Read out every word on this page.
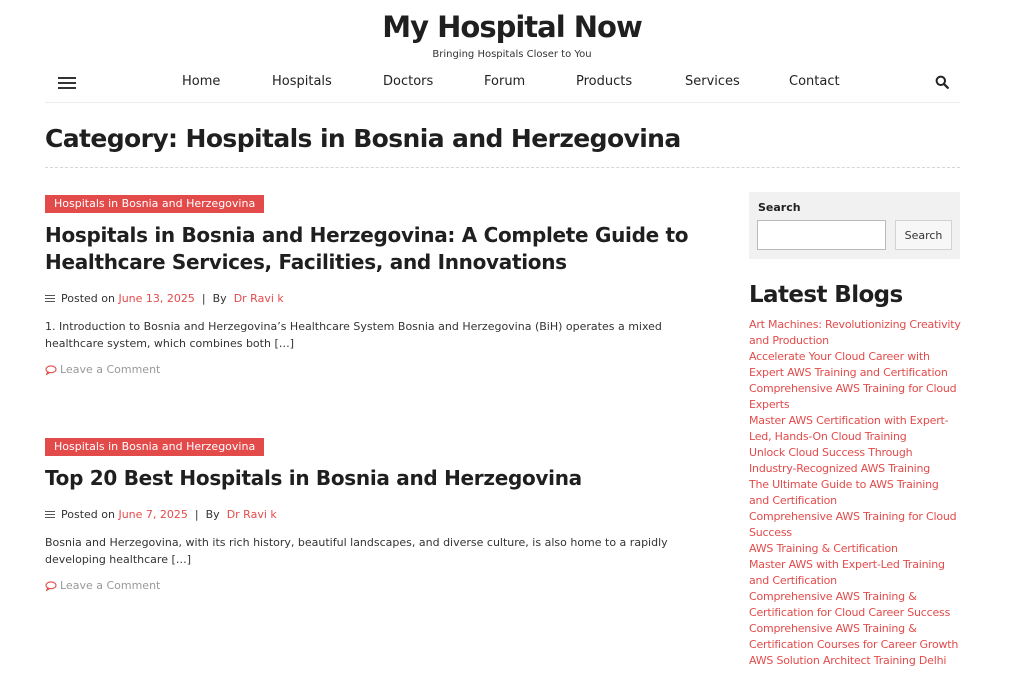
My Hospital Now
Bringing Hospitals Closer to You
Home	Hospitals	Doctors	Forum	Products	Services	Contact
Category: Hospitals in Bosnia and Herzegovina
Hospitals in Bosnia and Herzegovina
Hospitals in Bosnia and Herzegovina: A Complete Guide to Healthcare Services, Facilities, and Innovations
Posted on
June 13, 2025 | By
Dr Ravi k

1. Introduction to Bosnia and Herzegovina’s Healthcare System Bosnia and Herzegovina (BiH) operates a mixed healthcare system, which combines both […]

Leave a Comment
Hospitals in Bosnia and Herzegovina
Top 20 Best Hospitals in Bosnia and Herzegovina
Posted on
June 7, 2025 | By
Dr Ravi k

Bosnia and Herzegovina, with its rich history, beautiful landscapes, and diverse culture, is also home to a rapidly developing healthcare […]

Leave a Comment
Search
Search
Latest Blogs
Art Machines: Revolutionizing Creativity and Production
Accelerate Your Cloud Career with Expert AWS Training and Certification
Comprehensive AWS Training for Cloud Experts
Master AWS Certification with Expert-Led, Hands-On Cloud Training
Unlock Cloud Success Through Industry-Recognized AWS Training
The Ultimate Guide to AWS Training and Certification
Comprehensive AWS Training for Cloud Success
AWS Training & Certification
Master AWS with Expert-Led Training and Certification
Comprehensive AWS Training & Certification for Cloud Career Success
Comprehensive AWS Training & Certification Courses for Career Growth
AWS Solution Architect Training Delhi
